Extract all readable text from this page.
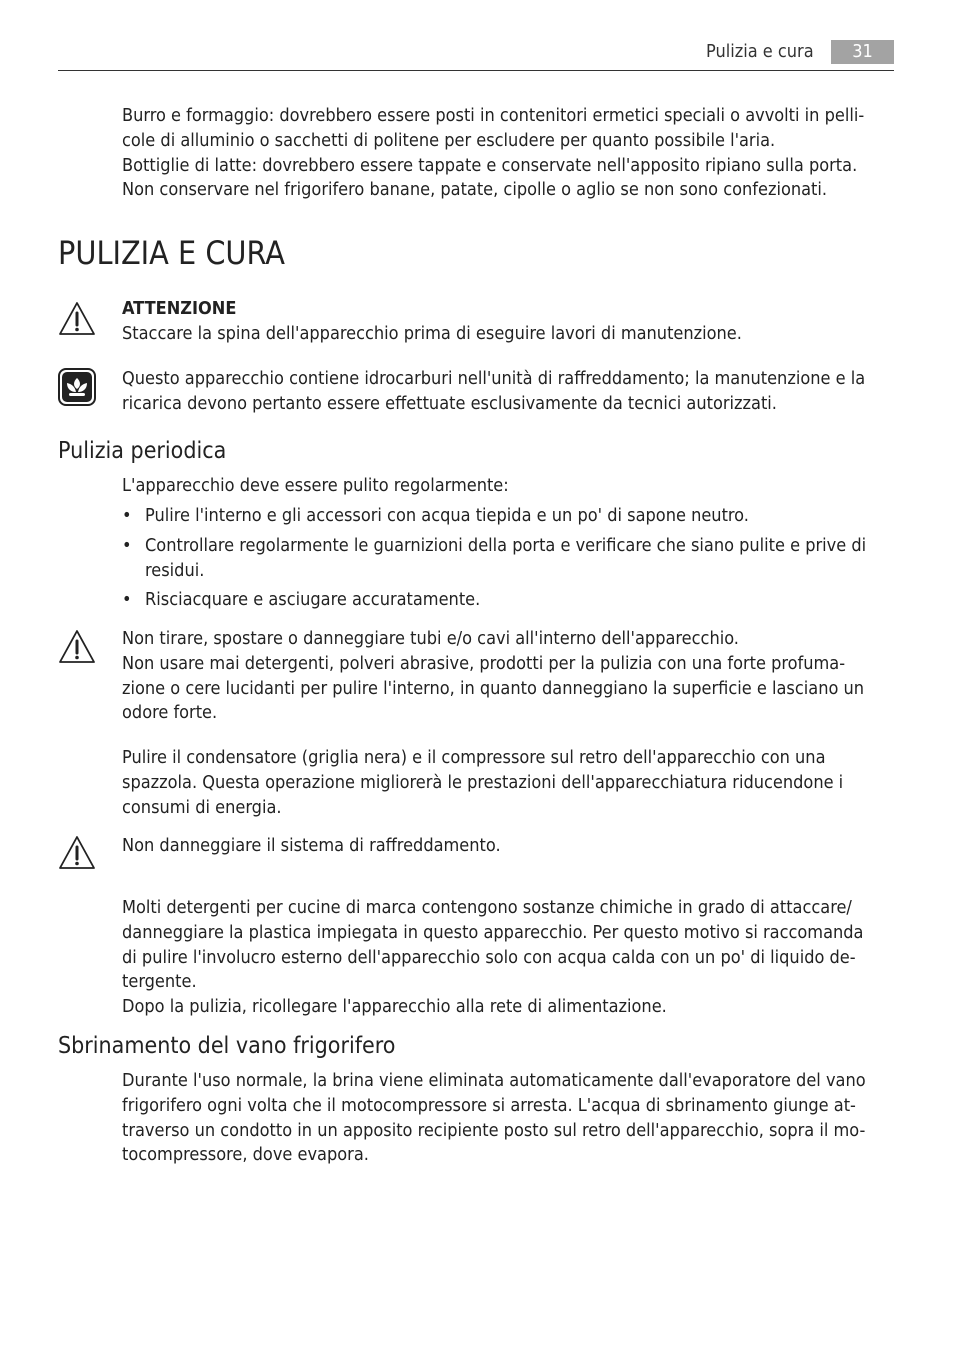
Pulizia e cura	31

Burro e formaggio: dovrebbero essere posti in contenitori ermetici speciali o avvolti in pelli-

cole di alluminio o sacchetti di politene per escludere per quanto possibile l'aria.

Bottiglie di latte: dovrebbero essere tappate e conservate nell'apposito ripiano sulla porta.

Non conservare nel frigorifero banane, patate, cipolle o aglio se non sono confezionati.

PULIZIA E CURA

ATTENZIONE

Staccare la spina dell'apparecchio prima di eseguire lavori di manutenzione.

Questo apparecchio contiene idrocarburi nell'unità di raffreddamento; la manutenzione e la

ricarica devono pertanto essere effettuate esclusivamente da tecnici autorizzati.

Pulizia periodica
L'apparecchio deve essere pulito regolarmente:
• Pulire l'interno e gli accessori con acqua tiepida e un po' di sapone neutro.
• Controllare regolarmente le guarnizioni della porta e verificare che siano pulite e prive di
residui.
• Risciacquare e asciugare accuratamente.

Non tirare, spostare o danneggiare tubi e/o cavi all'interno dell'apparecchio.

Non usare mai detergenti, polveri abrasive, prodotti per la pulizia con una forte profuma-

zione o cere lucidanti per pulire l'interno, in quanto danneggiano la superficie e lasciano un

odore forte.

Pulire il condensatore (griglia nera) e il compressore sul retro dell'apparecchio con una

spazzola. Questa operazione migliorerà le prestazioni dell'apparecchiatura riducendone i

consumi di energia.

Non danneggiare il sistema di raffreddamento.

Molti detergenti per cucine di marca contengono sostanze chimiche in grado di attaccare/

danneggiare la plastica impiegata in questo apparecchio. Per questo motivo si raccomanda

di pulire l'involucro esterno dell'apparecchio solo con acqua calda con un po' di liquido de-

tergente.

Dopo la pulizia, ricollegare l'apparecchio alla rete di alimentazione.

Sbrinamento del vano frigorifero

Durante l'uso normale, la brina viene eliminata automaticamente dall'evaporatore del vano

frigorifero ogni volta che il motocompressore si arresta. L'acqua di sbrinamento giunge at-

traverso un condotto in un apposito recipiente posto sul retro dell'apparecchio, sopra il mo-

tocompressore, dove evapora.
